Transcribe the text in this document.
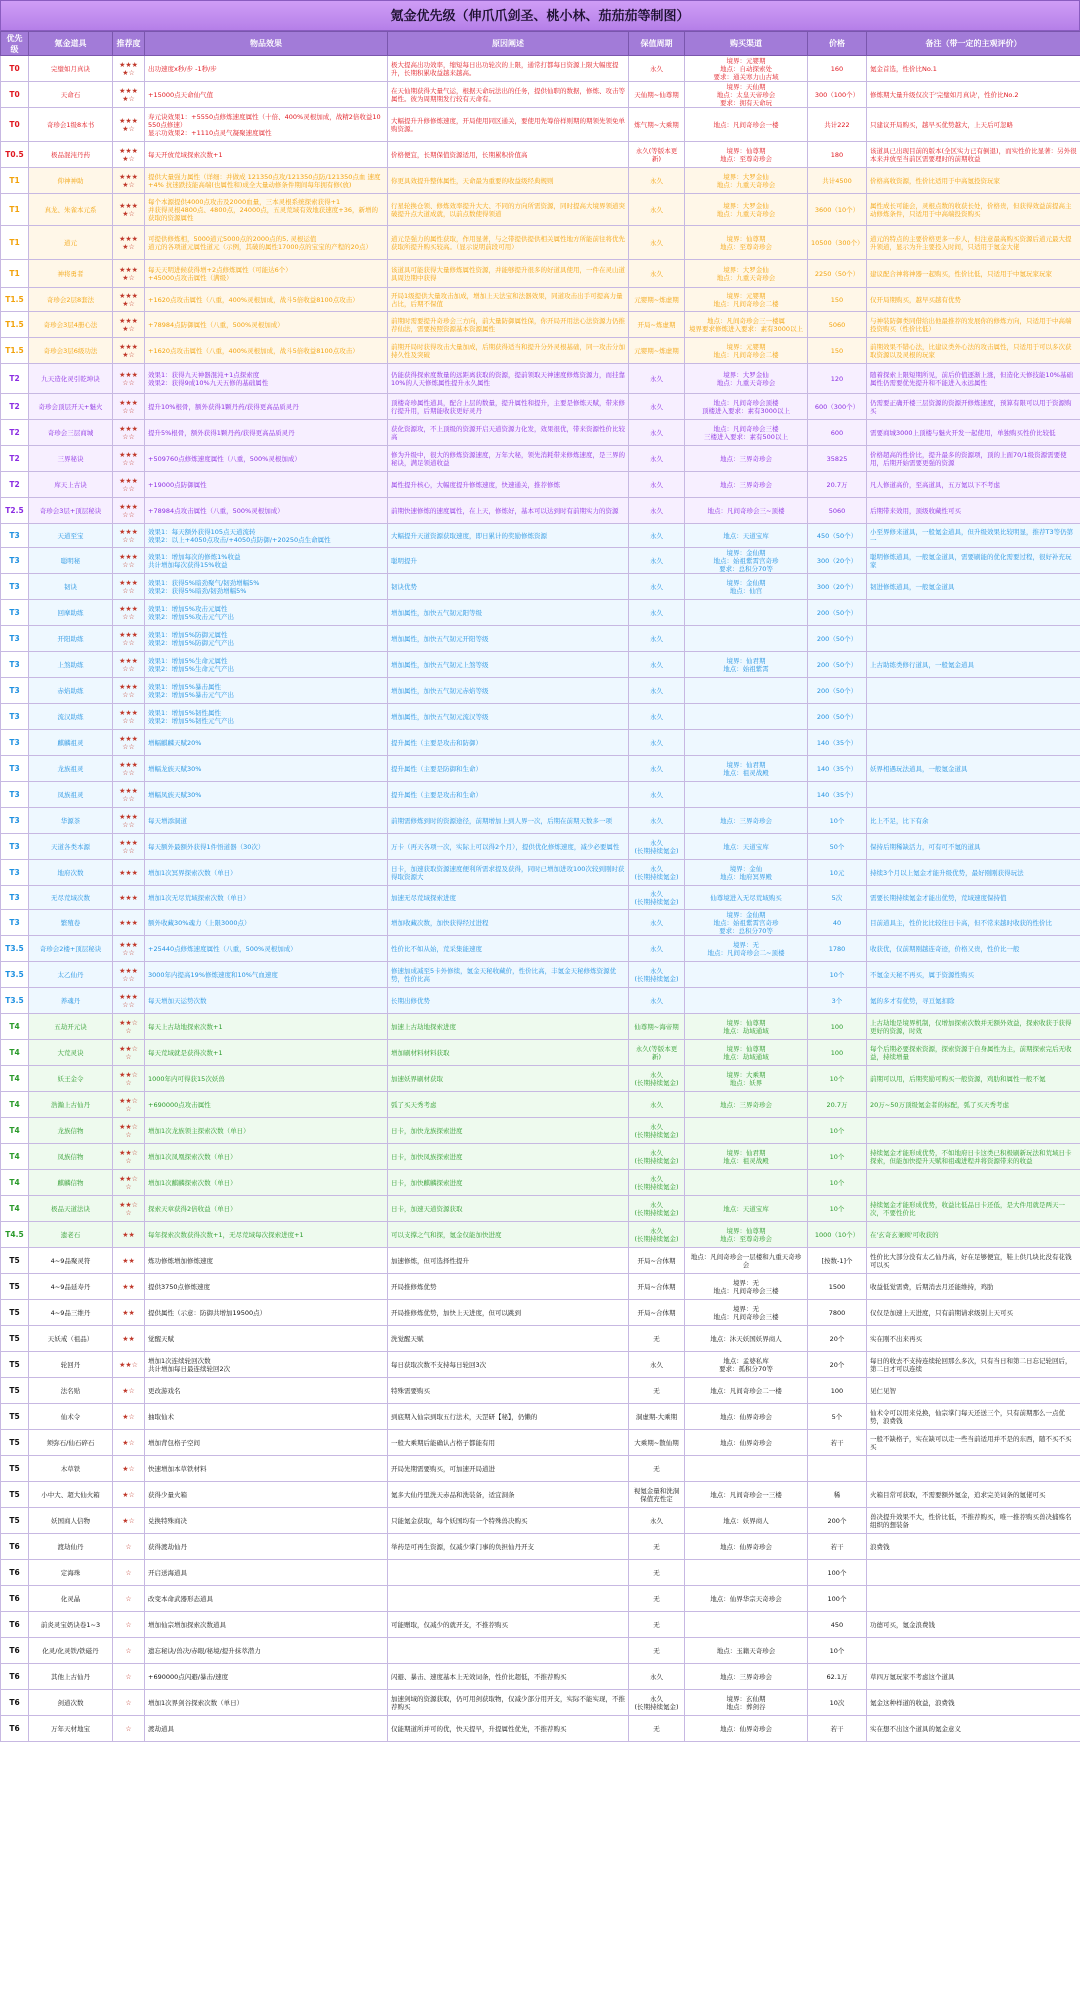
氪金优先级（伸爪爪剑圣、桃小林、茄茄茄等制图）
优先级	氪金道具	推荐度	物品效果	原因阐述	保值周期	购买渠道	价格	备注（带一定的主观评价）
T0	完璧如月真诀	★★★★☆	出功速度x秒/步 -1秒/步	极大提高出功效率，缩短每日出功轮次的上限，通常打都每日资源上限大幅度提升，长期积累收益越来越高。	永久	境界：元婴期
地点：自动探索处
要求：通关寒力山古域	160	氪金首选，性价比No.1
T0	天命石	★★★★☆	+15000点天命仙气值	在天仙期获得大量气运，根据天命玩法出的任务，提供仙职的数据，修炼、攻击等属性。彼为周期期发行较有天命有。	天仙期~仙尊期	境界：天仙期
地点：太皇天帝珍会
要求：拥有天命玩	300（100个）	修炼期大量升级仅次于'完璧如月真诀'，性价比No.2
T0	奇珍会1级8本书	★★★★☆	寿元诀效果1：+5550点修炼速度属性（十倍、400%灵根加成，战精2倍收益10550点修速）
显示功效果2：+1110点灵气凝聚速度属性	大幅提升升修修炼速度，开局使用同区通关，要使用先筹倍样则期的期领先领免单购资源。	炼气期~大乘期	地点：凡间奇珍会一楼	共计222	只建议开局购买，越早买优势越大，上天后可忽略
T0.5	极品混沌丹药	★★★★☆	每天开放荒域探索次数+1	价格便宜，长期保值资源适用，长期累积价值高	永久(等版本更新)	境界：仙尊期
地点：至尊奇珍会	180	该道具已出现目前的版本(全区实力已有倒退)，而实性价比显著：另外很本来并放至当前区需要理时的前期收益
T1	仰神神助	★★★★☆	提供大量强力属性（详细：并做成 121350点攻/121350点防/121350点血 速度+4% 抗迷跌技能高端(也属性和)成全大量动修条件期间每年拥有修(放)	你更具效提升整体属性，天命最为重要的收益级经典规则	永久	境界：大罗金仙
地点：九重天奇珍会	共计4500	价格高收资源，性价比适用于中高氪投资玩家
T1	真龙、朱雀本元系	★★★★☆	每个本源提供4000点攻击及2000血量，三本灵根系统探索获得+1
并获得灵根4800点、4800点，24000点，五灵荒域有效地获速度+36，新增的获取的资源属性	行星轮换仓领、修炼效率提升大大、不同的方向所需资源，同时提高大境界领道突破提升点大道成就，以前点数使得领道	永久	境界：大罗金仙
地点：九重天奇珍会	3600（10个）	属性成长可能会，灵根点数的收获长处，价格贵，但获得效益前提高主动修炼条件，只适用于中高端投资购买
T1	道元	★★★★☆	可提供修炼相，5000道元5000点的2000点的5, 灵根运值
道元的各项道元属性道元（示例，其破的属性17000点的宝宝的产程的20点）	道元是强力的属性获取，作用显著，与之带提供提供相关属性地方所能前往将优先获取所提升购买较高。（显示说明前段可用）	永久	境界：仙尊期
地点：至尊奇珍会	10500（300个）	道元的特点的主要价格更多一步人，但注意最高购买资源后道元最大提升领道，显示为升主要投入时间，只适用于氪金大佬
T1	神将勇者	★★★★☆	每天天明进候获得增+2点修炼属性（可能达6个）
+45000点攻击属性（满级）	该道具可能获得大量修炼属性资源，并能够提升很多的好道具使用，一件在灵山道具周边期中获得	永久	境界：大罗金仙
地点：九重天奇珍会	2250（50个）	建议配合神将神器一起购买，性价比低，只适用于中氪玩家玩家
T1.5	奇珍会2层8套法	★★★★☆	+1620点攻击属性（八重，400%灵根加成，战斗5倍收益8100点攻击）	开局1级提供大量攻击加成，增加上天法宝和法器效果，同道攻击出手可提高力量占比，后期不保值	元婴期~炼虚期	境界：元婴期
地点：凡间奇珍会二楼	150	仅开局期购买，越早买越有优势
T1.5	奇珍会3层4册心法	★★★★☆	+78984点防御属性（八重，500%灵根加成）	前期时需要提升奇珍会三方向，前大量防御属性保，你开局开用法心法资源力仍推荐仙法，需要按照资源基本资源属性	开局~炼虚期	地点：凡间奇珍会三一楼属
境界要求修炼进入要求：素有3000以上	5060	与神装防御类同借给出他最推荐的发展你的修炼方向，只适用于中高端投资购买（性价比低）
T1.5	奇珍会3层6级功法	★★★★☆	+1620点攻击属性（八重，400%灵根加成，战斗5倍收益8100点攻击）	前期开局时获得攻击大量加成，后期获得适当和提升分外灵根基础，同一攻击分加持久性及突破	元婴期~炼虚期	境界：元婴期
地点：凡间奇珍会二楼	150	前期效果不错心法，比建议类外心法的攻击属性，只适用于可以多次获取资源以及灵根的玩家
T2	九天造化灵引乾坤诀	★★★☆☆	效果1：获得九天神器混沌+1点探索度
效果2：获得9成10%九天五修的基础属性	仍能获得探索度数量的远距离获取的资源，提前领取天神速度修炼资源力，而挂靠10%的人天修炼属性提升永久属性	永久	境界：大罗金仙
地点：九重天奇珍会	120	随着探索上限短期所见，前后价值逐渐上涨，但造化天修技能10%基础属性仍需要优先提升和不能进入永远属性
T2	奇珍会顶层开天+魅火	★★★☆☆	提升10%根骨，额外获得1颗丹药/获得更高品质灵丹	顶楼奇珍属性道具，配合上层的数量，提升属性和提升，主要是修炼天赋，带来修行提升用，后期能收获更好灵丹	永久	地点：凡间奇珍会顶楼
顶楼进入要求：素有3000以上	600（300个）	仍需要正确开楼三层资源的资源开修炼速度，预算有限可以用于资源购买
T2	奇珍会三层商城	★★★☆☆	提升5%根骨，额外获得1颗丹药/获得更高品质灵丹	获化资源攻，不上顶级的资源开启天道资源力化发，效果很优，带来资源性价比较高	永久	地点：凡间奇珍会三楼
三楼进入要求：素有500以上	600	需要商城3000上顶楼与魅火开发一起使用，单独购买性价比较低
T2	三界秘诀	★★★☆☆	+509760点修炼速度属性（八重，500%灵根加成）	修为升级中，很大的修炼资源速度，万年大秘，领先消耗带来修炼速度，是三界的秘诀，满足领道收益	永久	地点：三界奇珍会	35825	价格超高的性价比，提升最多的资源项，顶的上面70/1级资源需要使用，后期开始需要更强的资源
T2	库天上古诀	★★★☆☆	+19000点防御属性	属性提升核心，大幅度提升修炼速度，快速通关，推荐修炼	永久	地点：三界奇珍会	20.7万	凡人修道高价，至高道具，五万氪以下不考虑
T2.5	奇珍会3层+顶层秘诀	★★★☆☆	+78984点攻击属性（八重，500%灵根加成）	前期快速修炼的速度属性，在上天，修炼好，基本可以达到时有前期实力的资源	永久	地点：凡间奇珍会三~顶楼	5060	后期带来效用，顶级收藏性可买
T3	天道至宝	★★★☆☆	效果1：每天额外获得105点天道流转
效果2：以上+4050点攻击/+4050点防御/+20250点生命属性	大幅提升天道资源获取速度，即日累计的奖励修炼资源	永久	地点：天道宝库	450（50个）	小至界修来道具，一般氪金道具，但升级效果比较明显，推荐T3等仍第一
T3	聪明秘	★★★☆☆	效果1：增加每次的修炼1%收益
共计增加每次获得15%收益	聪明提升	永久	境界：金仙期
地点：始祖紫霄宫奇珍
要求：总积分70等	300（20个）	聪明修炼道具，一般氪金道具，需要刷能的优化需要过程，很好补充玩家
T3	韧诀	★★★☆☆	效果1：获得5%暗劲聚气/韧劲增幅5%
效果2：获得5%暗劲/韧劲增幅5%	韧诀优势	永久	境界：金仙期
地点：仙宫	300（20个）	韧进修炼道具，一般氪金道具
T3	回摩助练	★★★☆☆	效果1：增加5%攻击元属性
效果2：增加5%攻击元气产出	增加属性，加快五气韧元阳等级	永久		200（50个）	
T3	开阳助练	★★★☆☆	效果1：增加5%防御元属性
效果2：增加5%防御元气产出	增加属性，加快五气韧元开阳等级	永久		200（50个）	
T3	上煞助练	★★★☆☆	效果1：增加5%生命元属性
效果2：增加5%生命元气产出	增加属性，加快五气韧元上煞等级	永久	境界：仙君期
地点：始祖紫霄	200（50个）	上古助练类修行道具，一般氪金道具
T3	赤焰助练	★★★☆☆	效果1：增加5%暴击属性
效果2：增加5%暴击元气产出	增加属性，加快五气韧元赤焰等级	永久		200（50个）	
T3	流汉助练	★★★☆☆	效果1：增加5%韧性属性
效果2：增加5%韧性元气产出	增加属性，加快五气韧元流汉等级	永久		200（50个）	
T3	麒麟祖灵	★★★☆☆	增幅麒麟天赋20%	提升属性（主要是攻击和防御）	永久		140（35个）	
T3	龙族祖灵	★★★☆☆	增幅龙族天赋30%	提升属性（主要是防御和生命）	永久	境界：仙君期
地点：祖灵战殿	140（35个）	妖界相遇玩法道具，一般氪金道具
T3	凤族祖灵	★★★☆☆	增幅凤族天赋30%	提升属性（主要是攻击和生命）	永久		140（35个）	
T3	华源茶	★★★☆☆	每天增添洞道	前期需修炼到时的资源途径，前期增加上到人界一次，后期在前期天数多一项	永久	地点：三界奇珍会	10个	比上不足，比下有余
T3	天道各类本源	★★★☆☆	每天额外最额外获得1件悟道器（30次）	万卡（再天各项一次，实际上可以得2个月），提供优化修炼速度，减少必要属性	永久
(长期持续氪金)	地点：天道宝库	50个	保持后期稀缺活力，可有可不氪的道具
T3	地府次数	★★★	增加1次冥界探索次数（单日）	日卡，加速获取资源速度便利所需求提及获得，同时已增加进攻100次较到刚时获得取资源大	永久
(长期持续氪金)	境界：金仙
地点：地府冥界殿	10元	持续3个月以上氪金才能升级优势，最好刚刚获得玩法
T3	无尽荒域次数	★★★	增加1次无尽荒域探索次数（单日）	加速无尽荒域探索进度	永久
(长期持续氪金)	仙尊境进入无尽荒域购买	5次	需要长期持续氪金才能出优势，荒域速度保持值
T3	繁殖卷	★★★	额外收藏30%魂力（上限3000点）	增加收藏次数，加快获得经过进程	永久	境界：金仙期
地点：始祖紫霄宫奇珍
要求：总积分70等	40	目前道具主，性价比比较往日卡高，但不常来越时收获的性价比
T3.5	奇珍会2楼+顶层秘诀	★★★☆☆	+25440点修炼速度属性（八重，500%灵根加成）	性价比不如从始，荒采集能速度	永久	境界：无
地点：凡间奇珍会二~顶楼	1780	收获优，仅前期刚越连奇迹，价格又贵，性价比一般
T3.5	太乙仙丹	★★★☆☆	3000年内提高19%修炼速度和10%气血速度	修速加成减至5卡外修续，氪金天秘收藏价，性价比高，丰氪金天秘修炼资源优势，性价比高	永久
(长期持续氪金)		10个	不氪金天秘不再买，属于资源性购买
T3.5	养魂丹	★★★☆☆	每天增加天运势次数	长期出修优势	永久		3个	氪的多才有优势，寻亘氪扣除
T4	五劫开元诀	★★☆☆	每天上古劫地探索次数+1	加速上古劫地探索进度	仙尊期~海帝期	境界：仙尊期
地点：劫域通域	100	上古劫地是境界机制，仅增加探索次数并无额外效益，探索收获于获得更好的资源，时效
T4	大荒灵诀	★★☆☆	每天荒域就是获得次数+1	增加刷材料材料获取	永久(等版本更新)	境界：仙尊期
地点：劫域通域	100	每个后期必要探索资源，探索资源于自身属性为主，前期探索完后无收益，持续增量
T4	妖王金令	★★☆☆	1000年内可得获15次妖兽	加速妖界刷材获取	永久
(长期持续氪金)	境界：大乘期
地点：妖界	10个	前期可以用，后期奖励可购买一般资源，鸡肋和属性一般不氪
T4	浩瀚上古仙丹	★★☆☆	+690000点攻击属性	弧了买天秀考虑	永久	地点：三界奇珍会	20.7万	20万~50万顶级氪金者的标配，弧了买天秀考虑
T4	龙族信物	★★☆☆	增加1次龙族领主探索次数（单日）	日卡，加快龙族探索进度	永久
(长期持续氪金)		10个	
T4	凤族信物	★★☆☆	增加1次凤凰探索次数（单日）	日卡，加快凤族探索进度	永久
(长期持续氪金)	境界：仙君期
地点：祖灵战殿	10个	持续氪金才能形成优势，不如地府日卡这类已积极刷新玩法和荒域日卡探索，但能加快提升天赋和祖魂进程并将资源带来的收益
T4	麒麟信物	★★☆☆	增加1次麒麟探索次数（单日）	日卡，加快麒麟探索进度	永久
(长期持续氪金)		10个	
T4	极品天道法诀	★★☆☆	探索天章获得2倍收益（单日）	日卡，加速天道资源获取	永久
(长期持续氪金)	地点：天道宝库	10个	持续氪金才能形成优势，收益比低品日卡还低，是大件用就是两天一次，不要性价比
T4.5	遗老石	★★	每年探索次数获得次数+1，无尽荒域每次探索进度+1	可以支撑之气和探，氪金仅能加快进度	永久
(长期持续氪金)	境界：仙尊期
地点：至尊奇珍会	1000（10个）	在'玄奇玄兼顾'可收获的
T5	4~9品聚灵符	★★	炼功修炼增加修炼速度	加速修炼，但可选择性提升	开局~合体期	地点：凡间奇珍会一层楼和九重天奇珍会	[按数-1]个	性价比大部分没有太乙仙丹高，好在足够便宜，鞋上供几块比没有花钱可以买
T5	4~9品延寿丹	★★	提供3750点修炼速度	开局推修炼优势	开局~合体期	境界：无
地点：凡间奇珍会三楼	1500	收益低觉需费，后期消去月还能维持，鸡肋
T5	4~9品三维丹	★★	提供属性（示意：防御共增加19500点）	开局推修炼优势，加快上天进度，但可以跳到	开局~合体期	境界：无
地点：凡间奇珍会三楼	7800	仅仅是加速上天进度，只有前期请求级别上天可买
T5	天妖戒（祖品）	★★	觉醒天赋	洗觉醒天赋	无	地点：沐天妖国妖界商人	20个	实在刚不出来再买
T5	轮回丹	★★☆	增加1次连续轮回次数
共计增加每日最连续轮回2次	每日获取次数不支持每日轮回3次	永久	地点：孟婆私库
要求：孤积分70等	20个	每日的收去不支持连续轮回那么多次，只有当日和第二日忘记轮回后，第二日才可以连续
T5	法名贴	★☆	更改游戏名	特殊需要购买	无	地点：凡间奇珍会二一楼	100	见仁见智
T5	仙术令	★☆	抽取仙术	到底期入仙宗到取五行法术，天罡研【秘】，仍懒的	洞虚期-大乘期	地点：仙界奇珍会	5个	仙术令可以用来兑换，仙宗掌门每天还送三个，只有前期那么一点优势，浪费钱
T5	须弥石/仙石碎石	★☆	增加背包格子空间	一般大乘期后能确认占格子都能有用	大乘期~散仙期	地点：仙界奇珍会	若干	一般不缺格子，实在缺可以走一些当前适用并不是的东西，随不买不买买
T5	木草铁	★☆	快速增加本草铁材料	开局先期需要购买，可加速开局道进	无			
T5	小中大、超大仙火箱	★☆	获得少量火箱	氪多大仙丹里洗天赤品和洗装备，适宜洞条	视氪金量和洗洞保值充性定	地点：凡间奇珍会一三楼	稀	火箱目常可获取，不需要额外氪金，追求完美词条的氪佬可买
T5	妖国商人信物	★☆	兑换特殊商决	只能氪金获取，每个妖国均有一个特殊兽决购买	永久	地点：妖界商人	200个	兽决提升效果不大，性价比低，不推荐购买，唯一推荐购买兽决捕殇名组织的想装备
T6	渡劫仙丹	☆	获得渡劫仙丹	举药是可再生资源，仅减少掌门事的负担仙丹开支	无	地点：仙界奇珍会	若干	浪费钱
T6	定海珠	☆	开启送海道具		无		100个	
T6	化灵晶	☆	改变本命武器形态道具		无	地点：仙界华宗天奇珍会	100个	
T6	前炎灵宝奶诀卷1~3	☆	增加仙宗增加探索次数道具	可能赠取，仅减少的就开支，不推荐购买	无		450	功德可买，氪金浪费钱
T6	化灵/化灵铁/铁磁丹	☆	遗忘秘诀/兽决/赤眼/秘境/提升抹萃潜力		无	地点：玉籍天奇珍会	10个	
T6	其他上古仙丹	☆	+690000点闪避/暴击/速度	闪避、暴击、速度基本上无效词条，性价比超低，不推荐购买	永久	地点：三界奇珍会	62.1万	草四万氪玩家不考虑这个道具
T6	剑道次数	☆	增加1次界剑谷探索次数（单日）	加速剑域的资源获取，仍可用剑获取物，仅减少部分用开支，实际不能实现，不推荐购买	永久
(长期持续氪金)	境界：玄仙期
地点：葬剑谷	10次	氪金这种样道的收益，浪费钱
T6	万年天材地宝	☆	渡劫道具	仅能期道所并可的优，快天提早，升提属性优先，不推荐购买	无	地点：仙界奇珍会	若干	实在想不出这个道具的氪金意义
